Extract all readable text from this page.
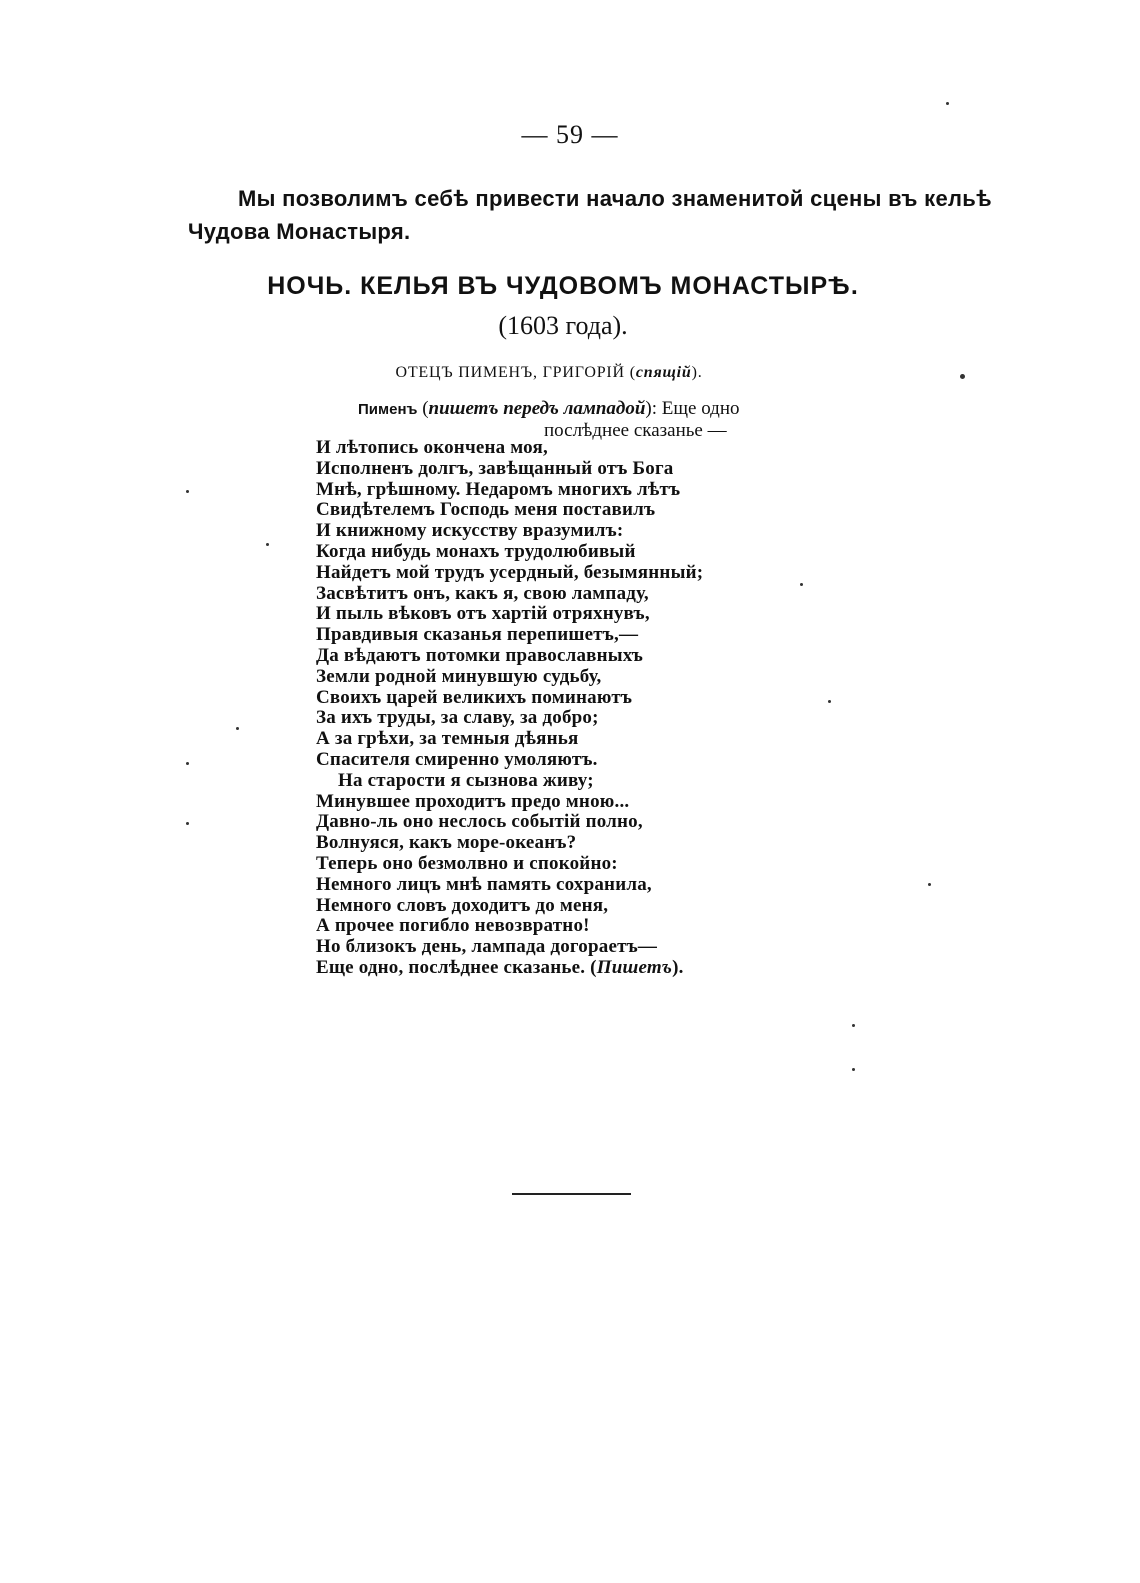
— 59 —

Мы позволимъ себѣ привести начало знаменитой сцены въ кельѣ

Чудова Монастыря.

НОЧЬ. КЕЛЬЯ ВЪ ЧУДОВОМЪ МОНАСТЫРѢ.
(1603 года).
ОТЕЦЪ ПИМЕНЪ, ГРИГОРІЙ (спящій).
Пименъ (пишетъ передъ лампадой): Еще одно
послѣднее сказанье —
И лѣтопись окончена моя,
Исполненъ долгъ, завѣщанный отъ Бога
Мнѣ, грѣшному. Недаромъ многихъ лѣтъ
Свидѣтелемъ Господь меня поставилъ
И книжному искусству вразумилъ:
Когда нибудь монахъ трудолюбивый
Найдетъ мой трудъ усердный, безымянный;
Засвѣтитъ онъ, какъ я, свою лампаду,
И пыль вѣковъ отъ хартій отряхнувъ,
Правдивыя сказанья перепишетъ,—
Да вѣдаютъ потомки православныхъ
Земли родной минувшую судьбу,
Своихъ царей великихъ поминаютъ
За ихъ труды, за славу, за добро;
А за грѣхи, за темныя дѣянья
Спасителя смиренно умоляютъ.
На старости я сызнова живу;
Минувшее проходитъ предо мною...
Давно-ль оно неслось событій полно,
Волнуяся, какъ море-океанъ?
Теперь оно безмолвно и спокойно:
Немного лицъ мнѣ память сохранила,
Немного словъ доходитъ до меня,
А прочее погибло невозвратно!
Но близокъ день, лампада догораетъ—
Еще одно, послѣднее сказанье. (Пишетъ).
